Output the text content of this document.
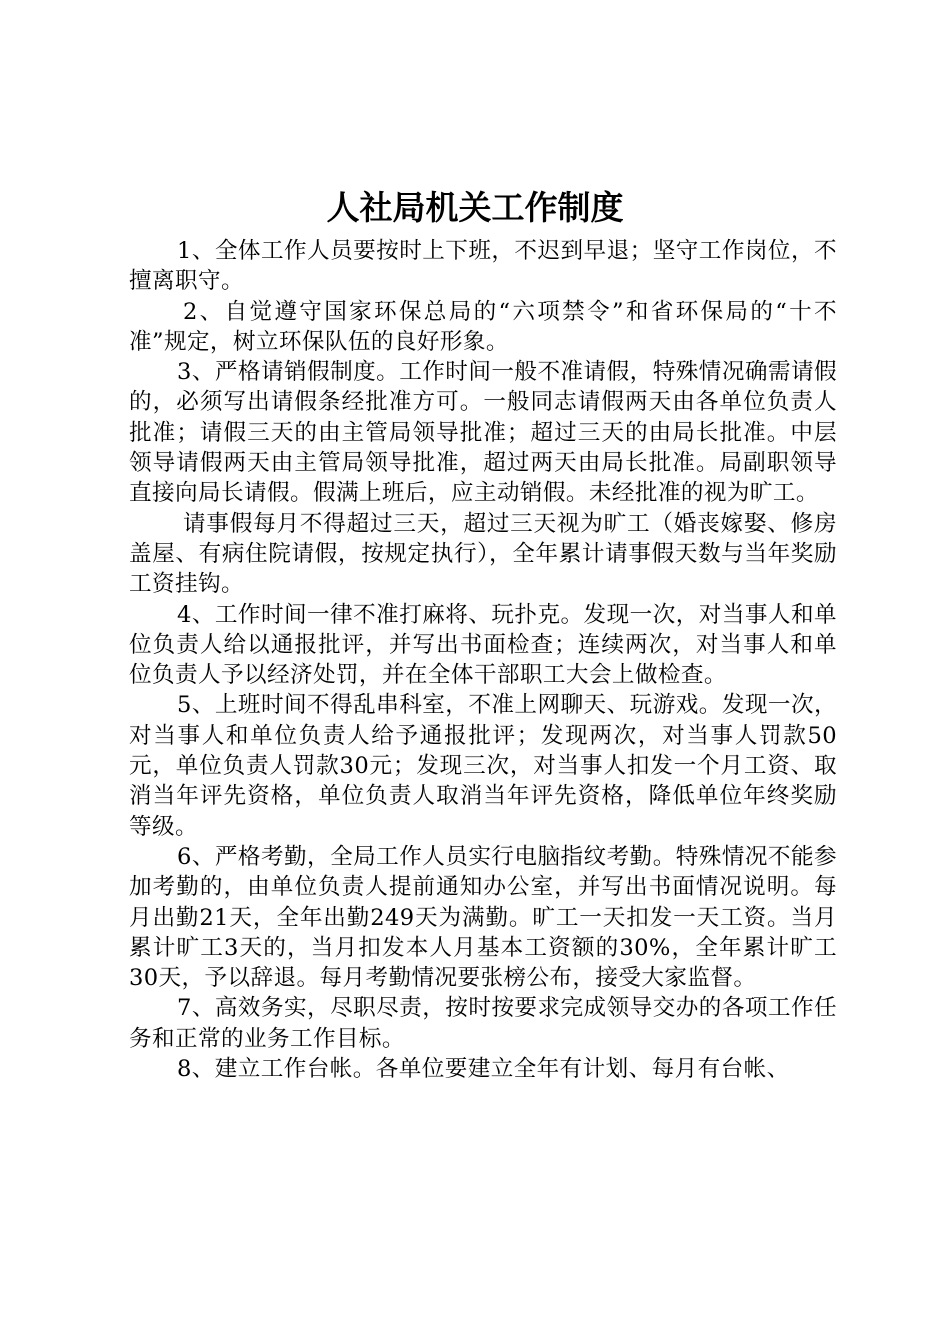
人社局机关工作制度

1、全体工作人员要按时上下班，不迟到早退；坚守工作岗位，不擅离职守。

2、自觉遵守国家环保总局的“六项禁令”和省环保局的“十不准”规定，树立环保队伍的良好形象。

3、严格请销假制度。工作时间一般不准请假，特殊情况确需请假的，必须写出请假条经批准方可。一般同志请假两天由各单位负责人批准；请假三天的由主管局领导批准；超过三天的由局长批准。中层领导请假两天由主管局领导批准，超过两天由局长批准。局副职领导直接向局长请假。假满上班后，应主动销假。未经批准的视为旷工。

请事假每月不得超过三天，超过三天视为旷工（婚丧嫁娶、修房盖屋、有病住院请假，按规定执行），全年累计请事假天数与当年奖励工资挂钩。

4、工作时间一律不准打麻将、玩扑克。发现一次，对当事人和单位负责人给以通报批评，并写出书面检查；连续两次，对当事人和单位负责人予以经济处罚，并在全体干部职工大会上做检查。

5、上班时间不得乱串科室，不准上网聊天、玩游戏。发现一次，对当事人和单位负责人给予通报批评；发现两次，对当事人罚款50元，单位负责人罚款30元；发现三次，对当事人扣发一个月工资、取消当年评先资格，单位负责人取消当年评先资格，降低单位年终奖励等级。

6、严格考勤，全局工作人员实行电脑指纹考勤。特殊情况不能参加考勤的，由单位负责人提前通知办公室，并写出书面情况说明。每月出勤21天，全年出勤249天为满勤。旷工一天扣发一天工资。当月累计旷工3天的，当月扣发本人月基本工资额的30%，全年累计旷工30天，予以辞退。每月考勤情况要张榜公布，接受大家监督。

7、高效务实，尽职尽责，按时按要求完成领导交办的各项工作任务和正常的业务工作目标。

8、建立工作台帐。各单位要建立全年有计划、每月有台帐、
